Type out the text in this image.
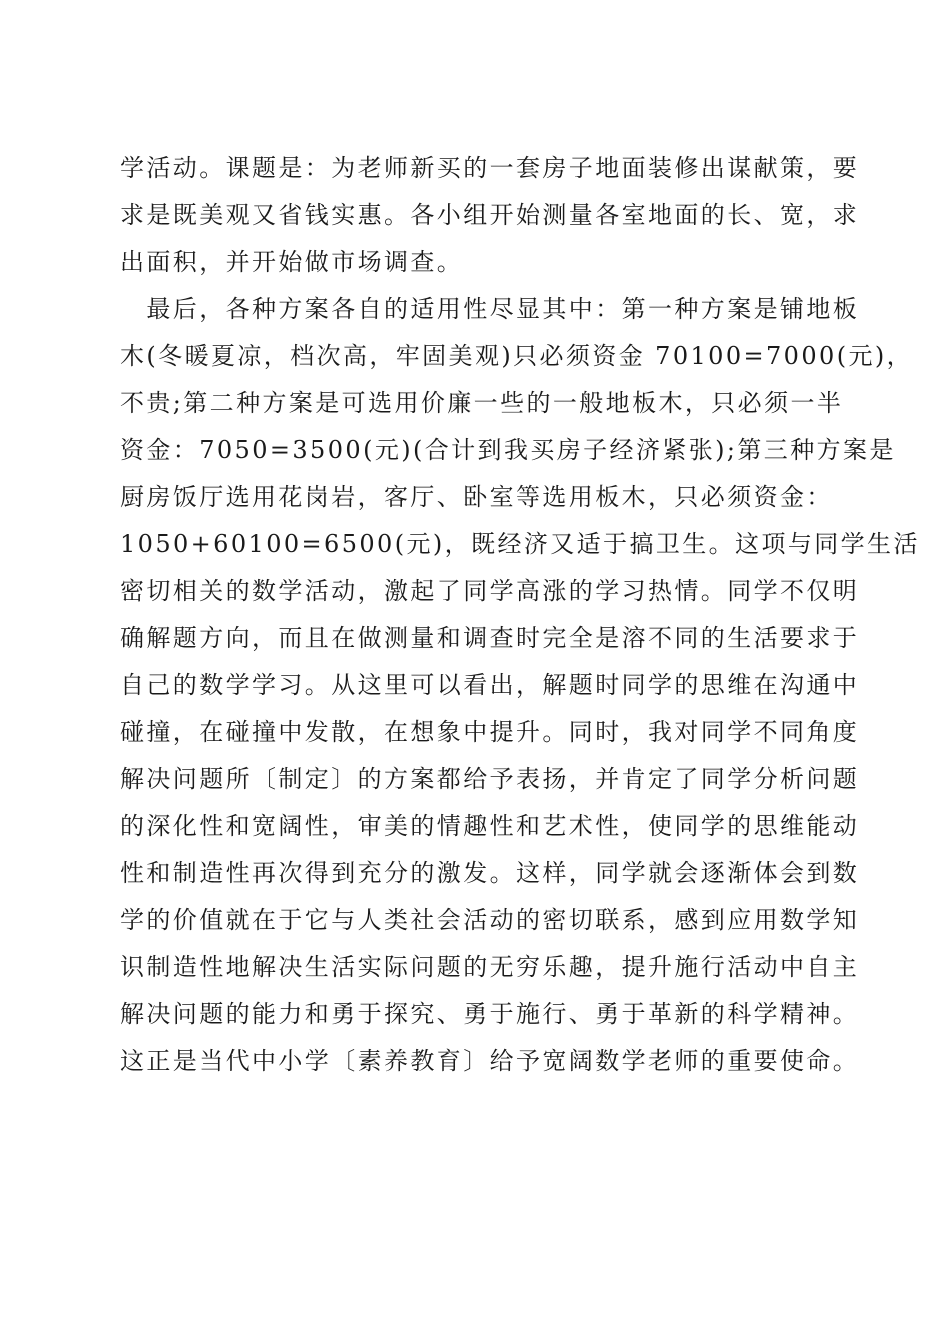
学活动。课题是：为老师新买的一套房子地面装修出谋献策，要
求是既美观又省钱实惠。各小组开始测量各室地面的长、宽，求
出面积，并开始做市场调查。
　最后，各种方案各自的适用性尽显其中：第一种方案是铺地板
木(冬暖夏凉，档次高，牢固美观)只必须资金 70100=7000(元)，
不贵;第二种方案是可选用价廉一些的一般地板木，只必须一半
资金：7050=3500(元)(合计到我买房子经济紧张);第三种方案是
厨房饭厅选用花岗岩，客厅、卧室等选用板木，只必须资金：
1050+60100=6500(元)，既经济又适于搞卫生。这项与同学生活
密切相关的数学活动，激起了同学高涨的学习热情。同学不仅明
确解题方向，而且在做测量和调查时完全是溶不同的生活要求于
自己的数学学习。从这里可以看出，解题时同学的思维在沟通中
碰撞，在碰撞中发散，在想象中提升。同时，我对同学不同角度
解决问题所〔制定〕的方案都给予表扬，并肯定了同学分析问题
的深化性和宽阔性，审美的情趣性和艺术性，使同学的思维能动
性和制造性再次得到充分的激发。这样，同学就会逐渐体会到数
学的价值就在于它与人类社会活动的密切联系，感到应用数学知
识制造性地解决生活实际问题的无穷乐趣，提升施行活动中自主
解决问题的能力和勇于探究、勇于施行、勇于革新的科学精神。
这正是当代中小学〔素养教育〕给予宽阔数学老师的重要使命。
